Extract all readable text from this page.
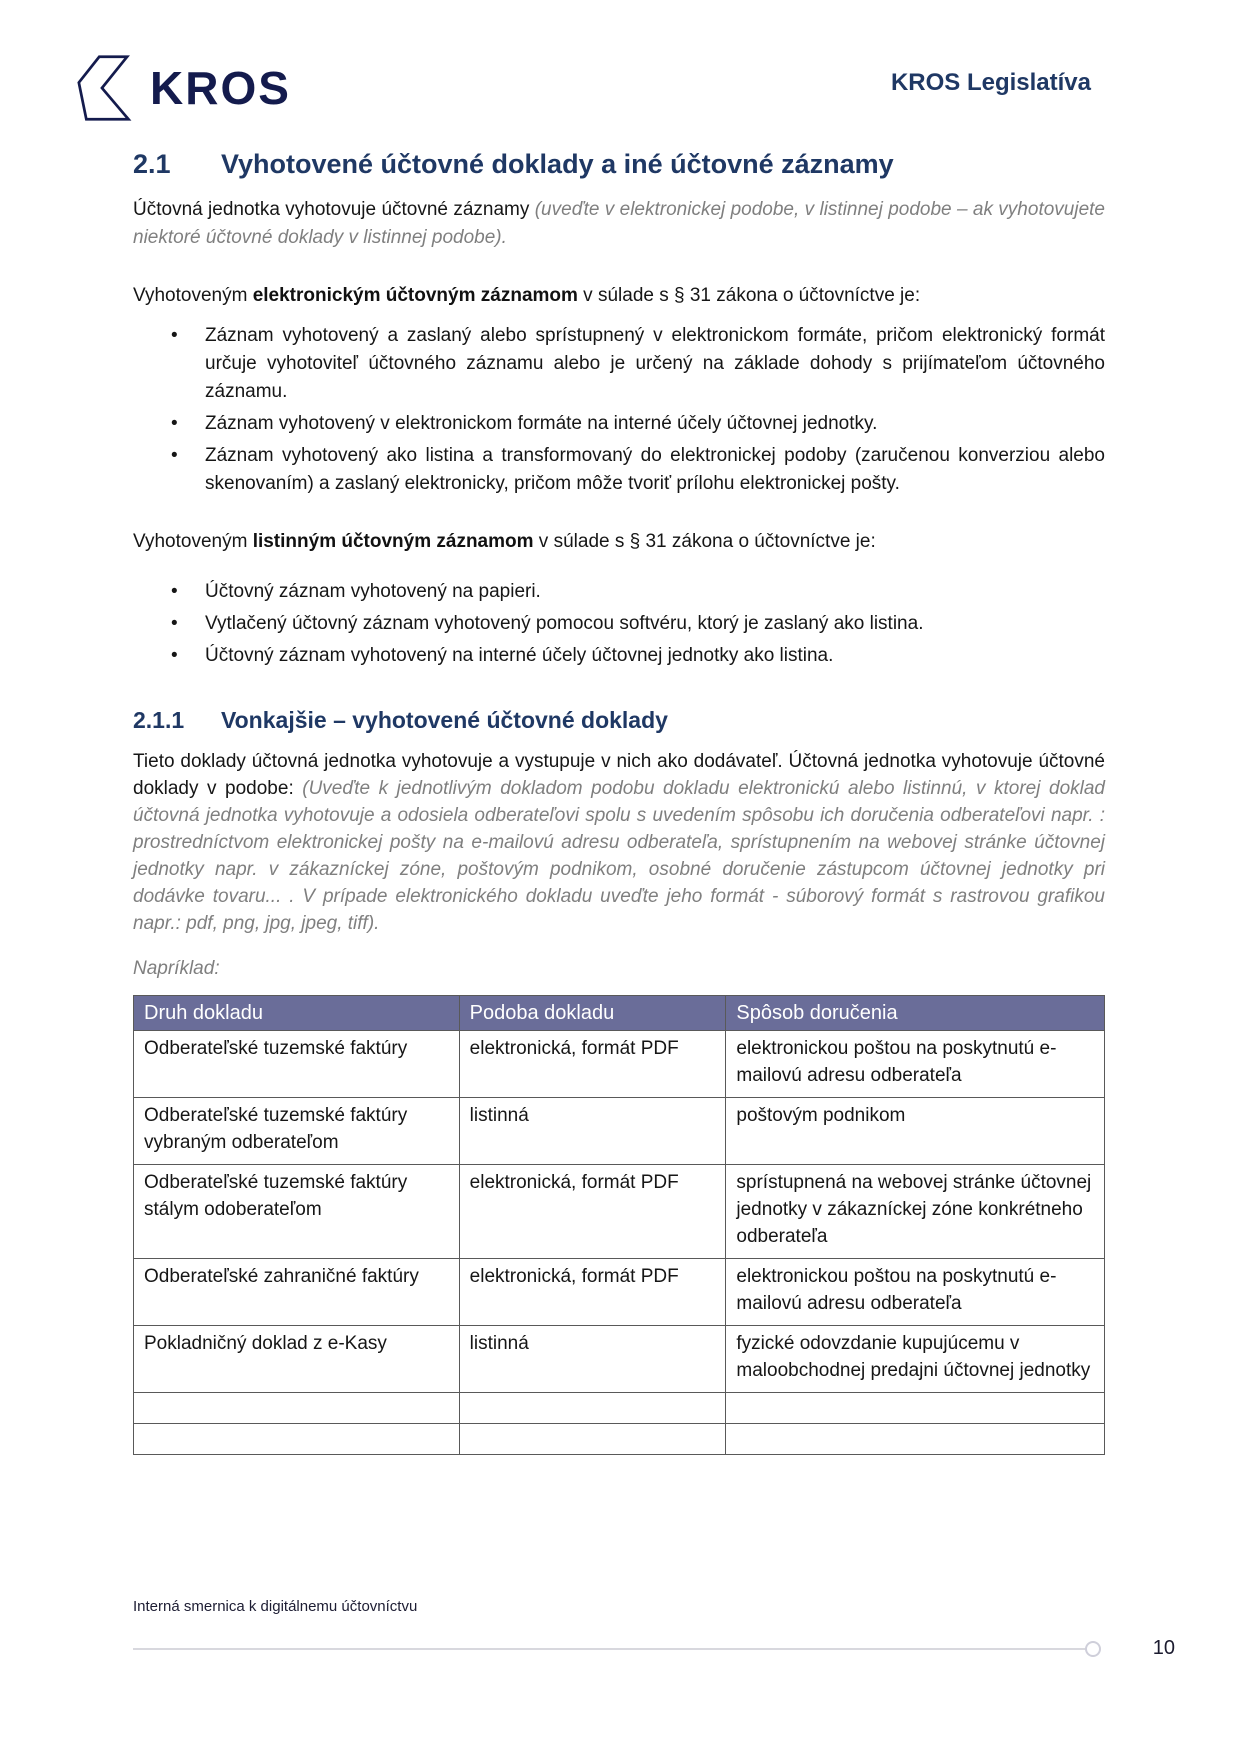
KROS	KROS Legislatíva
2.1	Vyhotovené účtovné doklady a iné účtovné záznamy

Účtovná jednotka vyhotovuje účtovné záznamy (uveďte v elektronickej podobe, v listinnej podobe – ak vyhotovujete niektoré účtovné doklady v listinnej podobe).

Vyhotoveným elektronickým účtovným záznamom v súlade s § 31 zákona o účtovníctve je:

• Záznam vyhotovený a zaslaný alebo sprístupnený v elektronickom formáte, pričom elektronický formát určuje vyhotoviteľ účtovného záznamu alebo je určený na základe dohody s prijímateľom účtovného záznamu.
• Záznam vyhotovený v elektronickom formáte na interné účely účtovnej jednotky.
• Záznam vyhotovený ako listina a transformovaný do elektronickej podoby (zaručenou konverziou alebo skenovaním) a zaslaný elektronicky, pričom môže tvoriť prílohu elektronickej pošty.

Vyhotoveným listinným účtovným záznamom v súlade s § 31 zákona o účtovníctve je:

• Účtovný záznam vyhotovený na papieri.
• Vytlačený účtovný záznam vyhotovený pomocou softvéru, ktorý je zaslaný ako listina.
• Účtovný záznam vyhotovený na interné účely účtovnej jednotky ako listina.
2.1.1	Vonkajšie – vyhotovené účtovné doklady

Tieto doklady účtovná jednotka vyhotovuje a vystupuje v nich ako dodávateľ. Účtovná jednotka vyhotovuje účtovné doklady v podobe: (Uveďte k jednotlivým dokladom podobu dokladu elektronickú alebo listinnú, v ktorej doklad účtovná jednotka vyhotovuje a odosiela odberateľovi spolu s uvedením spôsobu ich doručenia odberateľovi napr. : prostredníctvom elektronickej pošty na e-mailovú adresu odberateľa, sprístupnením na webovej stránke účtovnej jednotky napr. v zákazníckej zóne, poštovým podnikom, osobné doručenie zástupcom účtovnej jednotky pri dodávke tovaru... . V prípade elektronického dokladu uveďte jeho formát - súborový formát s rastrovou grafikou napr.: pdf, png, jpg, jpeg, tiff).

Napríklad:

Druh dokladu	Podoba dokladu	Spôsob doručenia
Odberateľské tuzemské faktúry	elektronická, formát PDF	elektronickou poštou na poskytnutú e-mailovú adresu odberateľa
Odberateľské tuzemské faktúry vybraným odberateľom	listinná	poštovým podnikom
Odberateľské tuzemské faktúry stálym odoberateľom	elektronická, formát PDF	sprístupnená na webovej stránke účtovnej jednotky v zákazníckej zóne konkrétneho odberateľa
Odberateľské zahraničné faktúry	elektronická, formát PDF	elektronickou poštou na poskytnutú e-mailovú adresu odberateľa
Pokladničný doklad z e-Kasy	listinná	fyzické odovzdanie kupujúcemu v maloobchodnej predajni účtovnej jednotky

Interná smernica k digitálnemu účtovníctvu
10
